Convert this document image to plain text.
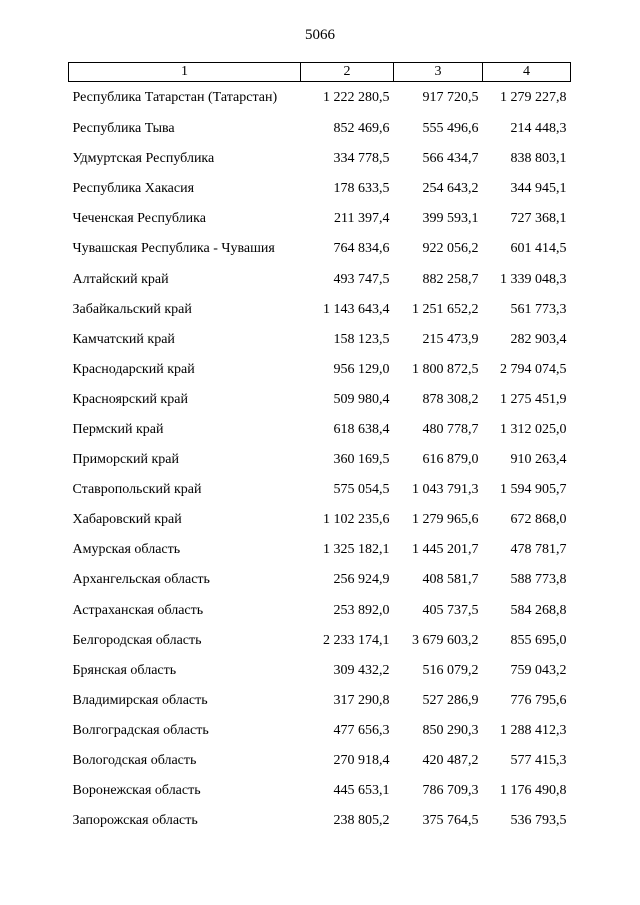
5066
1	2	3	4
Республика Татарстан (Татарстан)	1 222 280,5	917 720,5	1 279 227,8
Республика Тыва	852 469,6	555 496,6	214 448,3
Удмуртская Республика	334 778,5	566 434,7	838 803,1
Республика Хакасия	178 633,5	254 643,2	344 945,1
Чеченская Республика	211 397,4	399 593,1	727 368,1
Чувашская Республика - Чувашия	764 834,6	922 056,2	601 414,5
Алтайский край	493 747,5	882 258,7	1 339 048,3
Забайкальский край	1 143 643,4	1 251 652,2	561 773,3
Камчатский край	158 123,5	215 473,9	282 903,4
Краснодарский край	956 129,0	1 800 872,5	2 794 074,5
Красноярский край	509 980,4	878 308,2	1 275 451,9
Пермский край	618 638,4	480 778,7	1 312 025,0
Приморский край	360 169,5	616 879,0	910 263,4
Ставропольский край	575 054,5	1 043 791,3	1 594 905,7
Хабаровский край	1 102 235,6	1 279 965,6	672 868,0
Амурская область	1 325 182,1	1 445 201,7	478 781,7
Архангельская область	256 924,9	408 581,7	588 773,8
Астраханская область	253 892,0	405 737,5	584 268,8
Белгородская область	2 233 174,1	3 679 603,2	855 695,0
Брянская область	309 432,2	516 079,2	759 043,2
Владимирская область	317 290,8	527 286,9	776 795,6
Волгоградская область	477 656,3	850 290,3	1 288 412,3
Вологодская область	270 918,4	420 487,2	577 415,3
Воронежская область	445 653,1	786 709,3	1 176 490,8
Запорожская область	238 805,2	375 764,5	536 793,5
